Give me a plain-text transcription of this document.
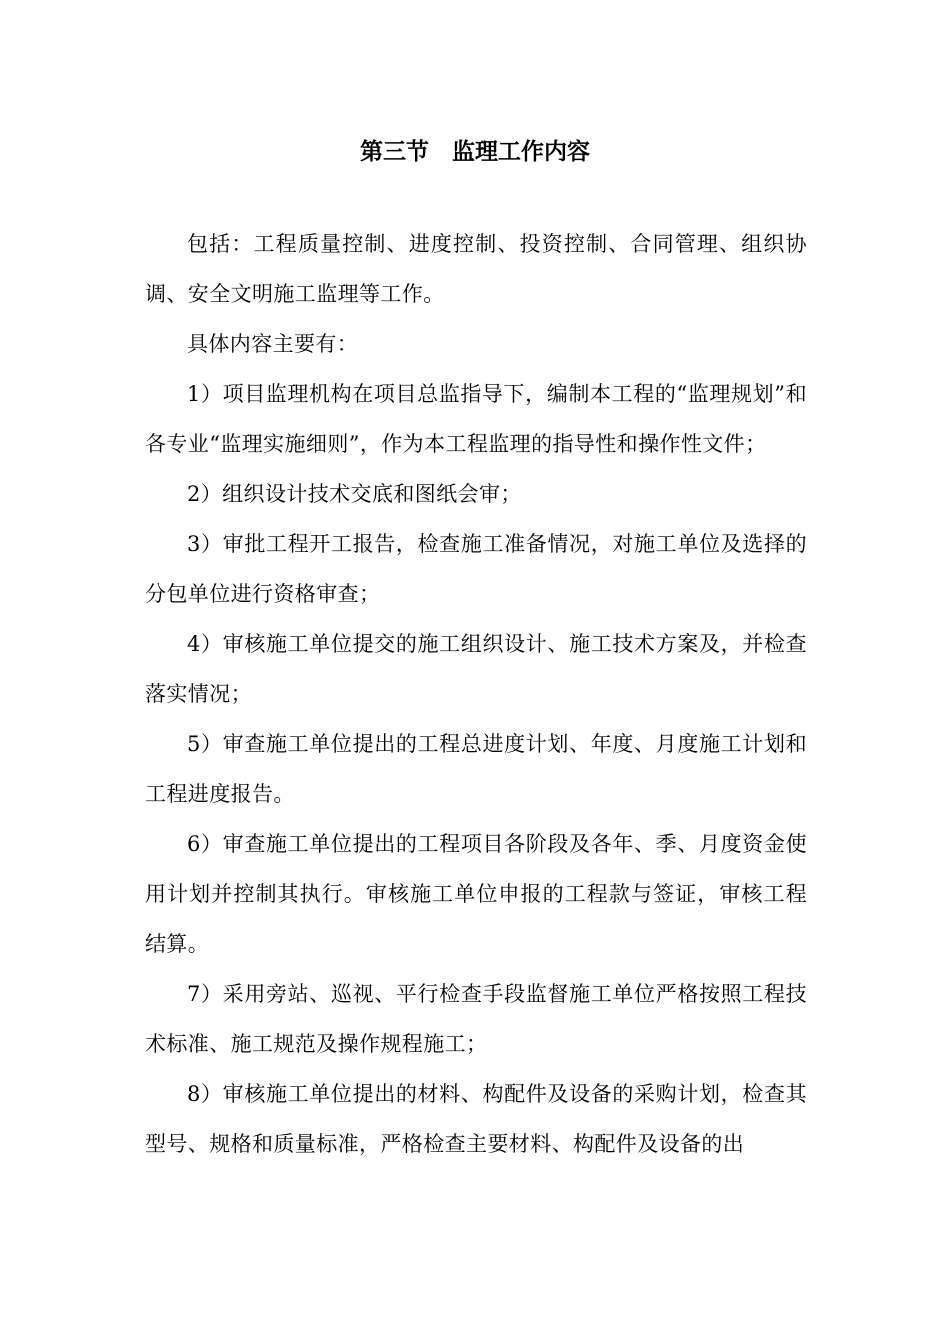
第三节　监理工作内容

包括：工程质量控制、进度控制、投资控制、合同管理、组织协调、安全文明施工监理等工作。

具体内容主要有：

1）项目监理机构在项目总监指导下，编制本工程的“监理规划”和各专业“监理实施细则”，作为本工程监理的指导性和操作性文件；

2）组织设计技术交底和图纸会审；

3）审批工程开工报告，检查施工准备情况，对施工单位及选择的分包单位进行资格审查；

4）审核施工单位提交的施工组织设计、施工技术方案及，并检查落实情况；

5）审查施工单位提出的工程总进度计划、年度、月度施工计划和工程进度报告。

6）审查施工单位提出的工程项目各阶段及各年、季、月度资金使用计划并控制其执行。审核施工单位申报的工程款与签证，审核工程结算。

7）采用旁站、巡视、平行检查手段监督施工单位严格按照工程技术标准、施工规范及操作规程施工；

8）审核施工单位提出的材料、构配件及设备的采购计划，检查其型号、规格和质量标准，严格检查主要材料、构配件及设备的出
